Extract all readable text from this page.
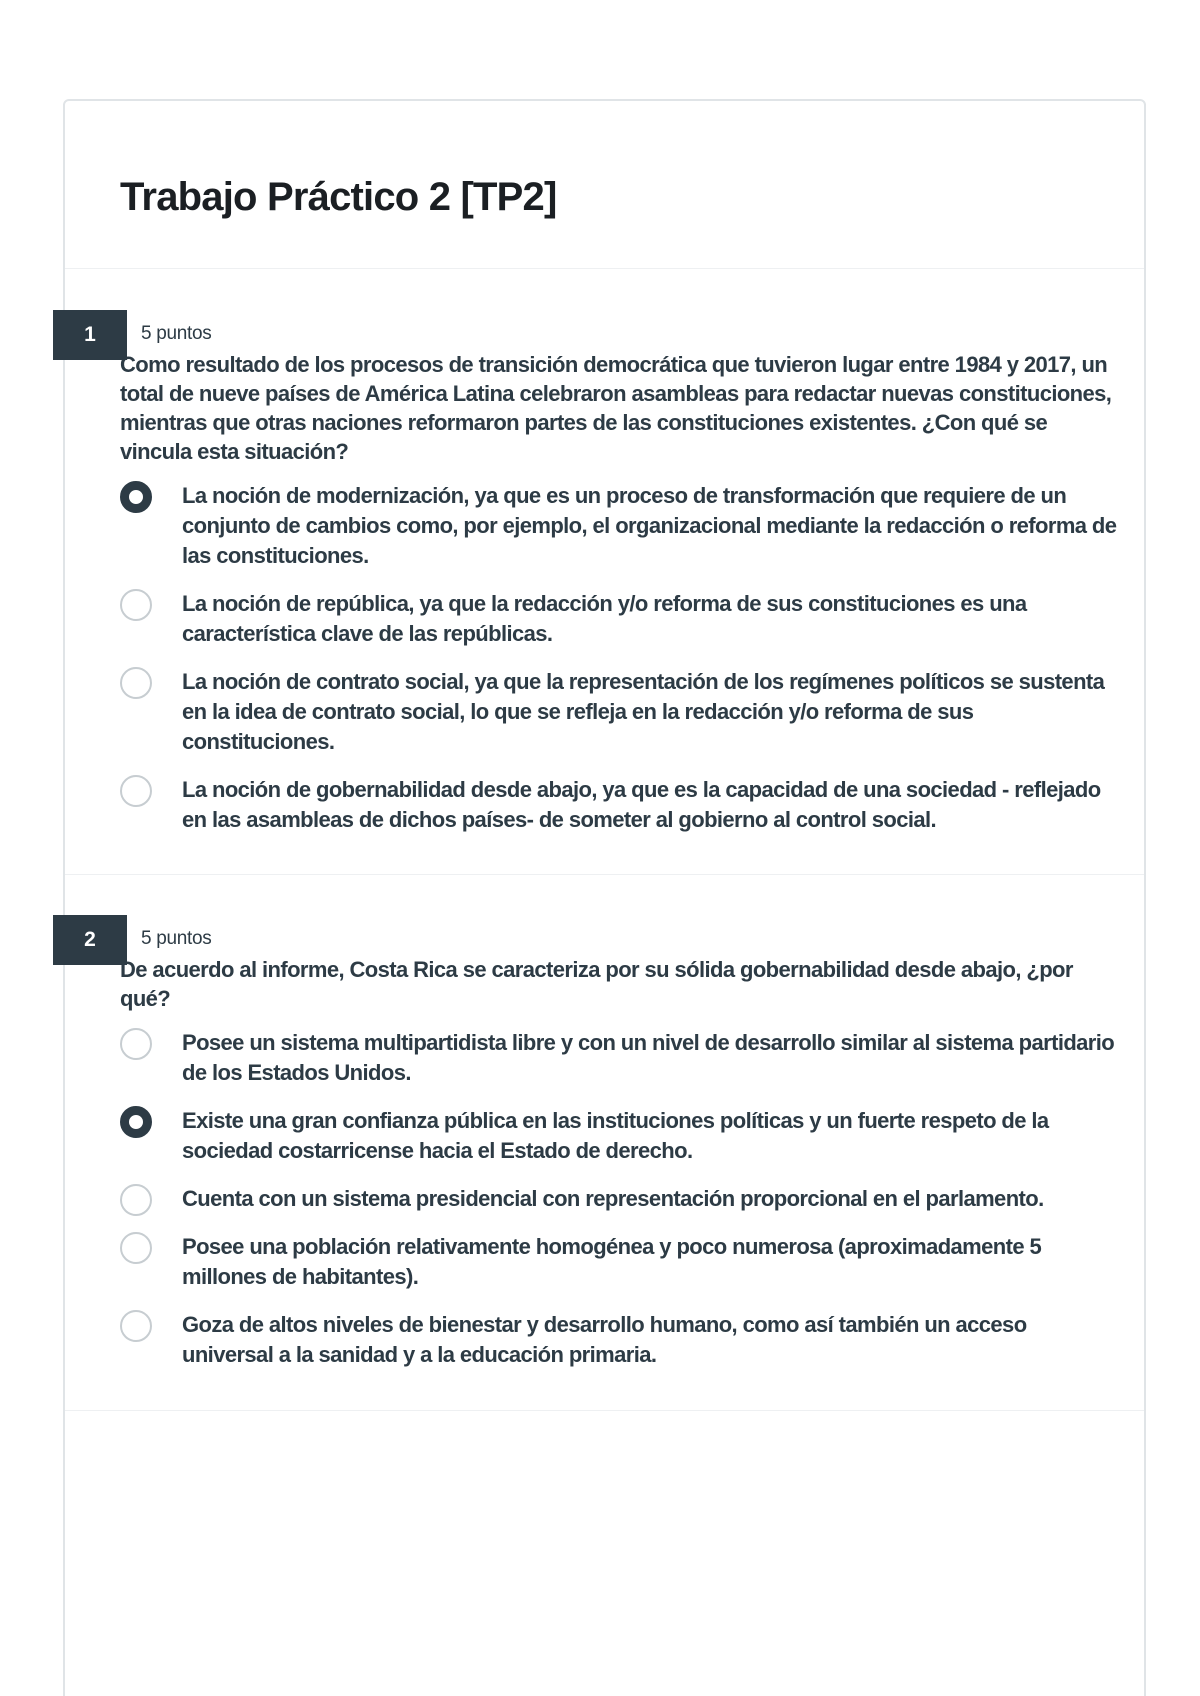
Trabajo Práctico 2 [TP2]
1	5 puntos
Como resultado de los procesos de transición democrática que tuvieron lugar entre 1984 y 2017, un total de nueve países de América Latina celebraron asambleas para redactar nuevas constituciones, mientras que otras naciones reformaron partes de las constituciones existentes. ¿Con qué se vincula esta situación?
La noción de modernización, ya que es un proceso de transformación que requiere de un conjunto de cambios como, por ejemplo, el organizacional mediante la redacción o reforma de las constituciones.
La noción de república, ya que la redacción y/o reforma de sus constituciones es una característica clave de las repúblicas.
La noción de contrato social, ya que la representación de los regímenes políticos se sustenta en la idea de contrato social, lo que se refleja en la redacción y/o reforma de sus constituciones.
La noción de gobernabilidad desde abajo, ya que es la capacidad de una sociedad - reflejado en las asambleas de dichos países- de someter al gobierno al control social.
2	5 puntos
De acuerdo al informe, Costa Rica se caracteriza por su sólida gobernabilidad desde abajo, ¿por qué?
Posee un sistema multipartidista libre y con un nivel de desarrollo similar al sistema partidario de los Estados Unidos.
Existe una gran confianza pública en las instituciones políticas y un fuerte respeto de la sociedad costarricense hacia el Estado de derecho.
Cuenta con un sistema presidencial con representación proporcional en el parlamento.
Posee una población relativamente homogénea y poco numerosa (aproximadamente 5 millones de habitantes).
Goza de altos niveles de bienestar y desarrollo humano, como así también un acceso universal a la sanidad y a la educación primaria.
